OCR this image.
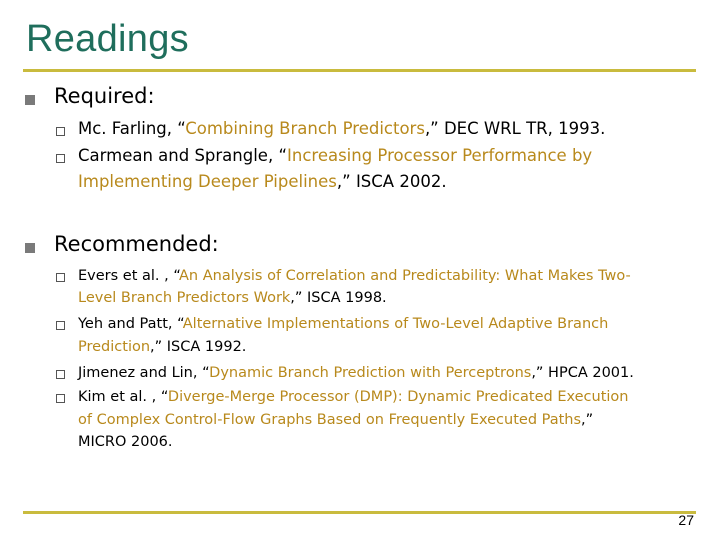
Readings
Required:
Mc. Farling, “Combining Branch Predictors,” DEC WRL TR, 1993.
Carmean and Sprangle, “Increasing Processor Performance by
Implementing Deeper Pipelines,” ISCA 2002.
Recommended:
Evers et al. , “An Analysis of Correlation and Predictability: What Makes Two-
Level Branch Predictors Work,” ISCA 1998.
Yeh and Patt, “Alternative Implementations of Two-Level Adaptive Branch
Prediction,” ISCA 1992.
Jimenez and Lin, “Dynamic Branch Prediction with Perceptrons,” HPCA 2001.
Kim et al. , “Diverge-Merge Processor (DMP): Dynamic Predicated Execution
of Complex Control-Flow Graphs Based on Frequently Executed Paths,”
MICRO 2006.
27
